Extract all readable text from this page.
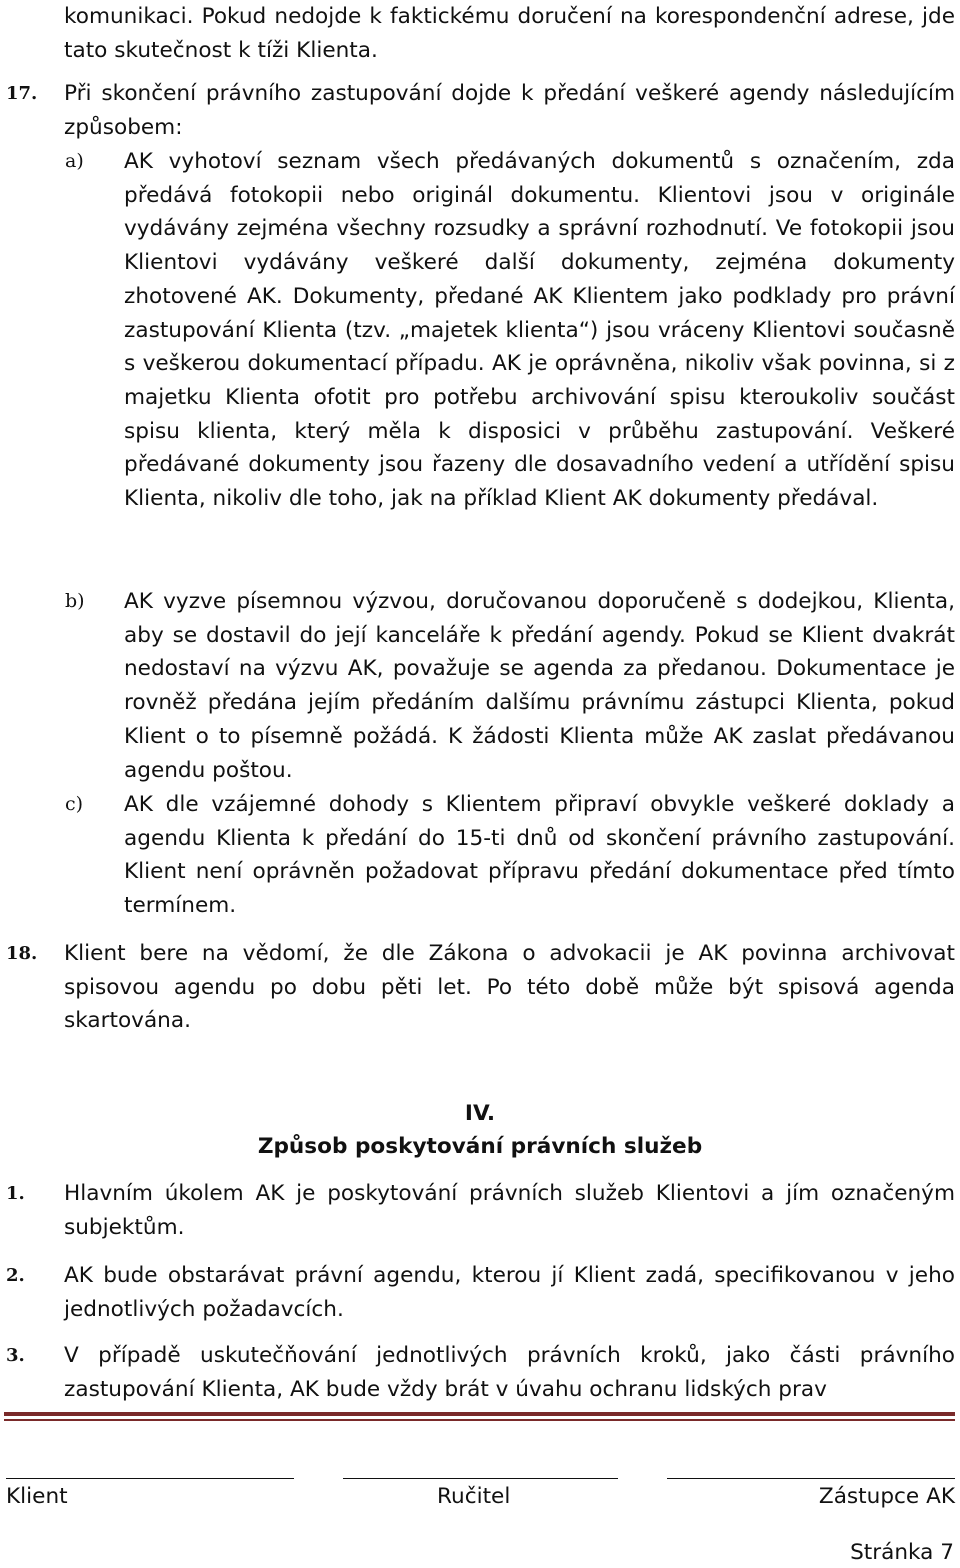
komunikaci. Pokud nedojde k faktickému doručení na korespondenční adrese, jde tato skutečnost k tíži Klienta.

17. Při skončení právního zastupování dojde k předání veškeré agendy následujícím způsobem:

a) AK vyhotoví seznam všech předávaných dokumentů s označením, zda předává fotokopii nebo originál dokumentu. Klientovi jsou v originále vydávány zejména všechny rozsudky a správní rozhodnutí. Ve fotokopii jsou Klientovi vydávány veškeré další dokumenty, zejména dokumenty zhotovené AK. Dokumenty, předané AK Klientem jako podklady pro právní zastupování Klienta (tzv. „majetek klienta“) jsou vráceny Klientovi současně s veškerou dokumentací případu. AK je oprávněna, nikoliv však povinna, si z majetku Klienta ofotit pro potřebu archivování spisu kteroukoliv součást spisu klienta, který měla k disposici v průběhu zastupování. Veškeré předávané dokumenty jsou řazeny dle dosavadního vedení a utřídění spisu Klienta, nikoliv dle toho, jak na příklad Klient AK dokumenty předával.

b) AK vyzve písemnou výzvou, doručovanou doporučeně s dodejkou, Klienta, aby se dostavil do její kanceláře k předání agendy. Pokud se Klient dvakrát nedostaví na výzvu AK, považuje se agenda za předanou. Dokumentace je rovněž předána jejím předáním dalšímu právnímu zástupci Klienta, pokud Klient o to písemně požádá. K žádosti Klienta může AK zaslat předávanou agendu poštou.

c) AK dle vzájemné dohody s Klientem připraví obvykle veškeré doklady a agendu Klienta k předání do 15-ti dnů od skončení právního zastupování. Klient není oprávněn požadovat přípravu předání dokumentace před tímto termínem.

18. Klient bere na vědomí, že dle Zákona o advokacii je AK povinna archivovat spisovou agendu po dobu pěti let. Po této době může být spisová agenda skartována.

IV.
Způsob poskytování právních služeb
1. Hlavním úkolem AK je poskytování právních služeb Klientovi a jím označeným subjektům.

2. AK bude obstarávat právní agendu, kterou jí Klient zadá, specifikovanou v jeho jednotlivých požadavcích.

3. V případě uskutečňování jednotlivých právních kroků, jako části právního zastupování Klienta, AK bude vždy brát v úvahu ochranu lidských prav

Klient	Ručitel	Zástupce AK
Stránka 7
